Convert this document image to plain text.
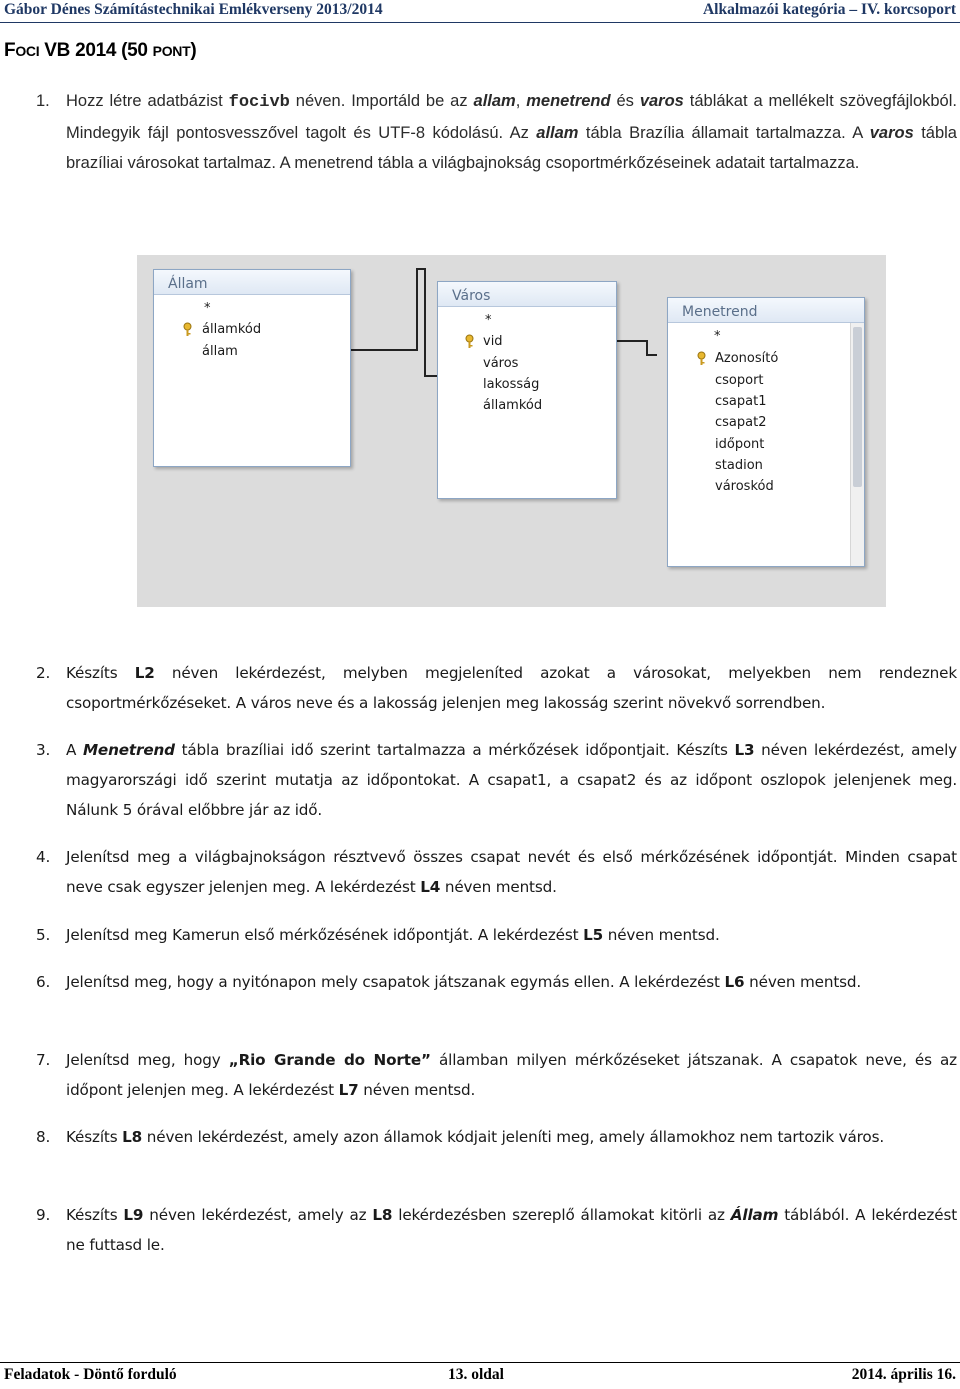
Gábor Dénes Számítástechnikai Emlékverseny 2013/2014	Alkalmazói kategória – IV. korcsoport
FOCI VB 2014 (50 PONT)
1. Hozz létre adatbázist focivb néven. Importáld be az allam, menetrend és varos táblákat a mellékelt szövegfájlokból. Mindegyik fájl pontosvesszővel tagolt és UTF-8 kódolású. Az allam tábla Brazília államait tartalmazza. A varos tábla brazíliai városokat tartalmaz. A menetrend tábla a világbajnokság csoportmérkőzéseinek adatait tartalmazza.
Állam
*
államkód
állam
Város
*
vid
város
lakosság
államkód
Menetrend
*
Azonosító
csoport
csapat1
csapat2
időpont
stadion
városkód
2.	Készíts L2 néven lekérdezést, melyben megjeleníted azokat a városokat, melyekben nem rendeznek csoportmérkőzéseket. A város neve és a lakosság jelenjen meg lakosság szerint növekvő sorrendben.
3.	A Menetrend tábla brazíliai idő szerint tartalmazza a mérkőzések időpontjait. Készíts L3 néven lekérdezést, amely magyarországi idő szerint mutatja az időpontokat. A csapat1, a csapat2 és az időpont oszlopok jelenjenek meg. Nálunk 5 órával előbbre jár az idő.
4.	Jelenítsd meg a világbajnokságon résztvevő összes csapat nevét és első mérkőzésének időpontját. Minden csapat neve csak egyszer jelenjen meg. A lekérdezést L4 néven mentsd.
5.	Jelenítsd meg Kamerun első mérkőzésének időpontját. A lekérdezést L5 néven mentsd.
6.	Jelenítsd meg, hogy a nyitónapon mely csapatok játszanak egymás ellen. A lekérdezést L6 néven mentsd.
7.	Jelenítsd meg, hogy „Rio Grande do Norte” államban milyen mérkőzéseket játszanak. A csapatok neve, és az időpont jelenjen meg. A lekérdezést L7 néven mentsd.
8.	Készíts L8 néven lekérdezést, amely azon államok kódjait jeleníti meg, amely államokhoz nem tartozik város.
9.	Készíts L9 néven lekérdezést, amely az L8 lekérdezésben szereplő államokat kitörli az Állam táblából. A lekérdezést ne futtasd le.
Feladatok - Döntő forduló	13. oldal	2014. április 16.
